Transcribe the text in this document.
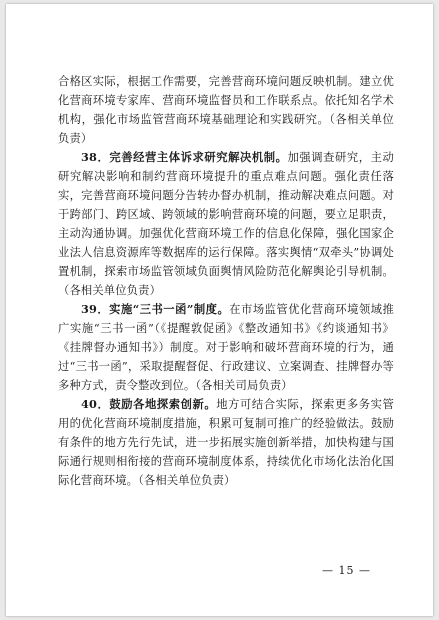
合格区实际，根据工作需要，完善营商环境问题反映机制。建立优化营商环境专家库、营商环境监督员和工作联系点。依托知名学术机构，强化市场监管营商环境基础理论和实践研究。（各相关单位负责）

38．完善经营主体诉求研究解决机制。加强调查研究，主动研究解决影响和制约营商环境提升的重点难点问题。强化责任落实，完善营商环境问题分告转办督办机制，推动解决难点问题。对于跨部门、跨区域、跨领域的影响营商环境的问题，要立足职责，主动沟通协调。加强优化营商环境工作的信息化保障，强化国家企业法人信息资源库等数据库的运行保障。落实舆情“双牵头”协调处置机制，探索市场监管领域负面舆情风险防范化解舆论引导机制。（各相关单位负责）

39．实施“三书一函”制度。在市场监管优化营商环境领域推广实施“三书一函”（《提醒敦促函》《整改通知书》《约谈通知书》《挂牌督办通知书》）制度。对于影响和破坏营商环境的行为，通过“三书一函”，采取提醒督促、行政建议、立案调查、挂牌督办等多种方式，责令整改到位。（各相关司局负责）

40．鼓励各地探索创新。地方可结合实际，探索更多务实管用的优化营商环境制度措施，积累可复制可推广的经验做法。鼓励有条件的地方先行先试，进一步拓展实施创新举措，加快构建与国际通行规则相衔接的营商环境制度体系，持续优化市场化法治化国际化营商环境。（各相关单位负责）

— 15 —
